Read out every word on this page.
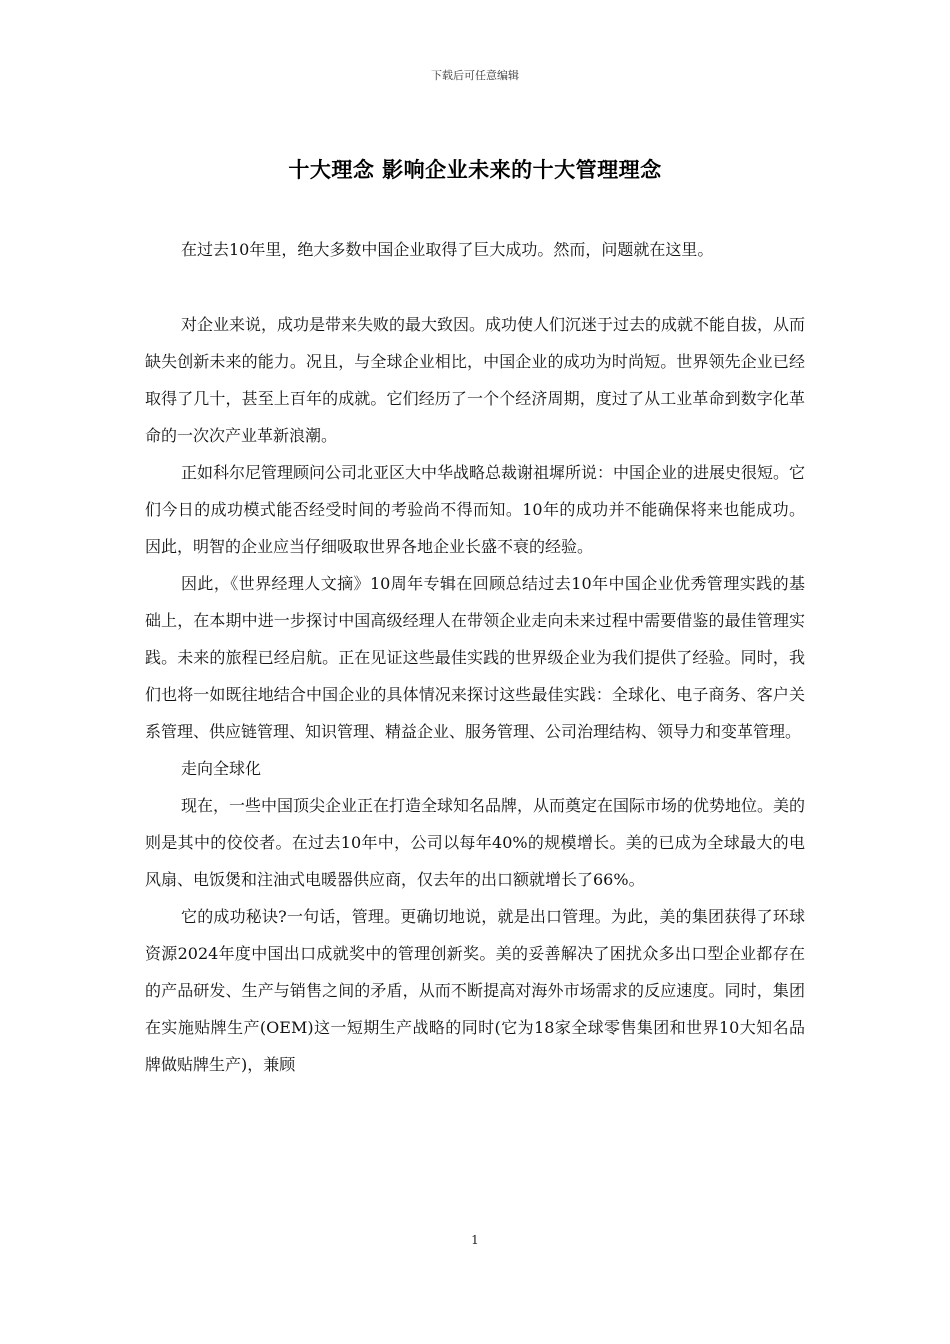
下载后可任意编辑
十大理念 影响企业未来的十大管理理念

在过去10年里，绝大多数中国企业取得了巨大成功。然而，问题就在这里。

对企业来说，成功是带来失败的最大致因。成功使人们沉迷于过去的成就不能自拔，从而缺失创新未来的能力。况且，与全球企业相比，中国企业的成功为时尚短。世界领先企业已经取得了几十，甚至上百年的成就。它们经历了一个个经济周期，度过了从工业革命到数字化革命的一次次产业革新浪潮。

正如科尔尼管理顾问公司北亚区大中华战略总裁谢祖墀所说：中国企业的进展史很短。它们今日的成功模式能否经受时间的考验尚不得而知。10年的成功并不能确保将来也能成功。因此，明智的企业应当仔细吸取世界各地企业长盛不衰的经验。

因此，《世界经理人文摘》10周年专辑在回顾总结过去10年中国企业优秀管理实践的基础上，在本期中进一步探讨中国高级经理人在带领企业走向未来过程中需要借鉴的最佳管理实践。未来的旅程已经启航。正在见证这些最佳实践的世界级企业为我们提供了经验。同时，我们也将一如既往地结合中国企业的具体情况来探讨这些最佳实践：全球化、电子商务、客户关系管理、供应链管理、知识管理、精益企业、服务管理、公司治理结构、领导力和变革管理。

走向全球化

现在，一些中国顶尖企业正在打造全球知名品牌，从而奠定在国际市场的优势地位。美的则是其中的佼佼者。在过去10年中，公司以每年40%的规模增长。美的已成为全球最大的电风扇、电饭煲和注油式电暖器供应商，仅去年的出口额就增长了66%。

它的成功秘诀?一句话，管理。更确切地说，就是出口管理。为此，美的集团获得了环球资源2024年度中国出口成就奖中的管理创新奖。美的妥善解决了困扰众多出口型企业都存在的产品研发、生产与销售之间的矛盾，从而不断提高对海外市场需求的反应速度。同时，集团在实施贴牌生产(OEM)这一短期生产战略的同时(它为18家全球零售集团和世界10大知名品牌做贴牌生产)，兼顾

1
